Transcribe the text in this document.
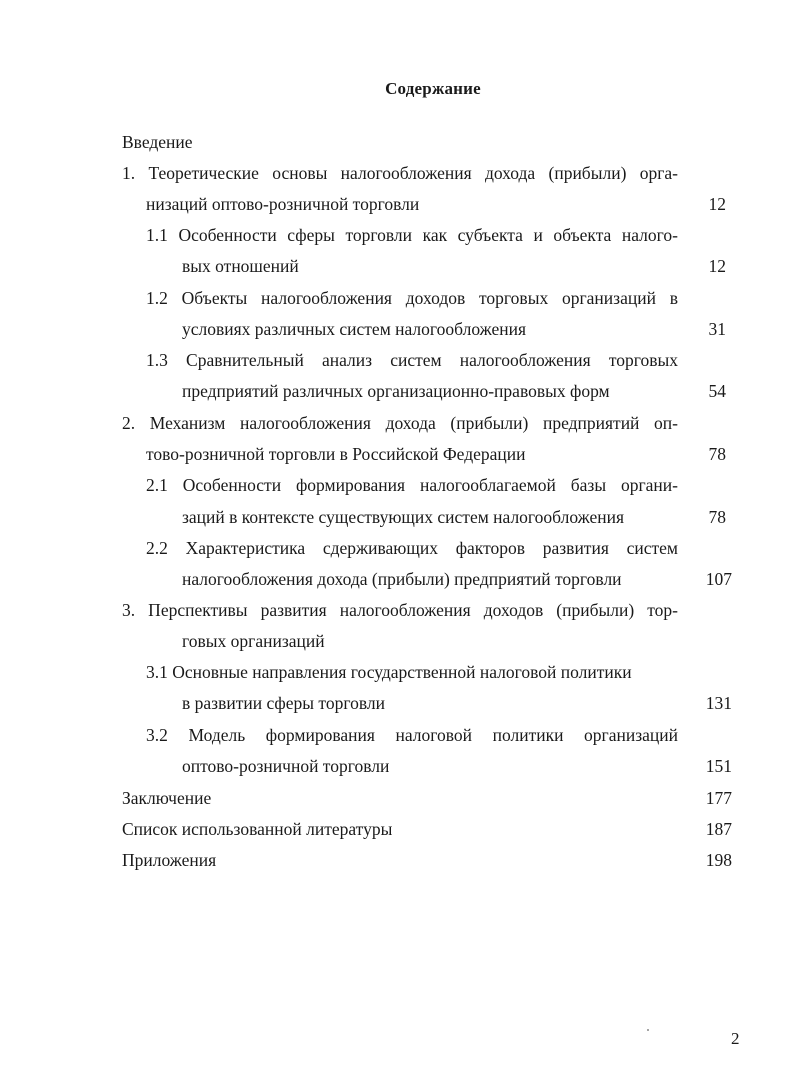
Содержание
Введение
1. Теоретические основы налогообложения дохода (прибыли) орга-
низаций оптово-розничной торговли	12
1.1 Особенности сферы торговли как субъекта и объекта налого-
вых отношений	12
1.2 Объекты налогообложения доходов торговых организаций в
условиях различных систем налогообложения	31
1.3 Сравнительный анализ систем налогообложения торговых
предприятий различных организационно-правовых форм	54
2. Механизм налогообложения дохода (прибыли) предприятий оп-
тово-розничной торговли в Российской Федерации	78
2.1 Особенности формирования налогооблагаемой базы органи-
заций в контексте существующих систем налогообложения	78
2.2 Характеристика сдерживающих факторов развития систем
налогообложения дохода (прибыли) предприятий торговли	107
3. Перспективы развития налогообложения доходов (прибыли) тор-
говых организаций
3.1 Основные направления государственной налоговой политики
в развитии сферы торговли	131
3.2 Модель формирования налоговой политики организаций
оптово-розничной торговли	151
Заключение	177
Список использованной литературы	187
Приложения	198
2
